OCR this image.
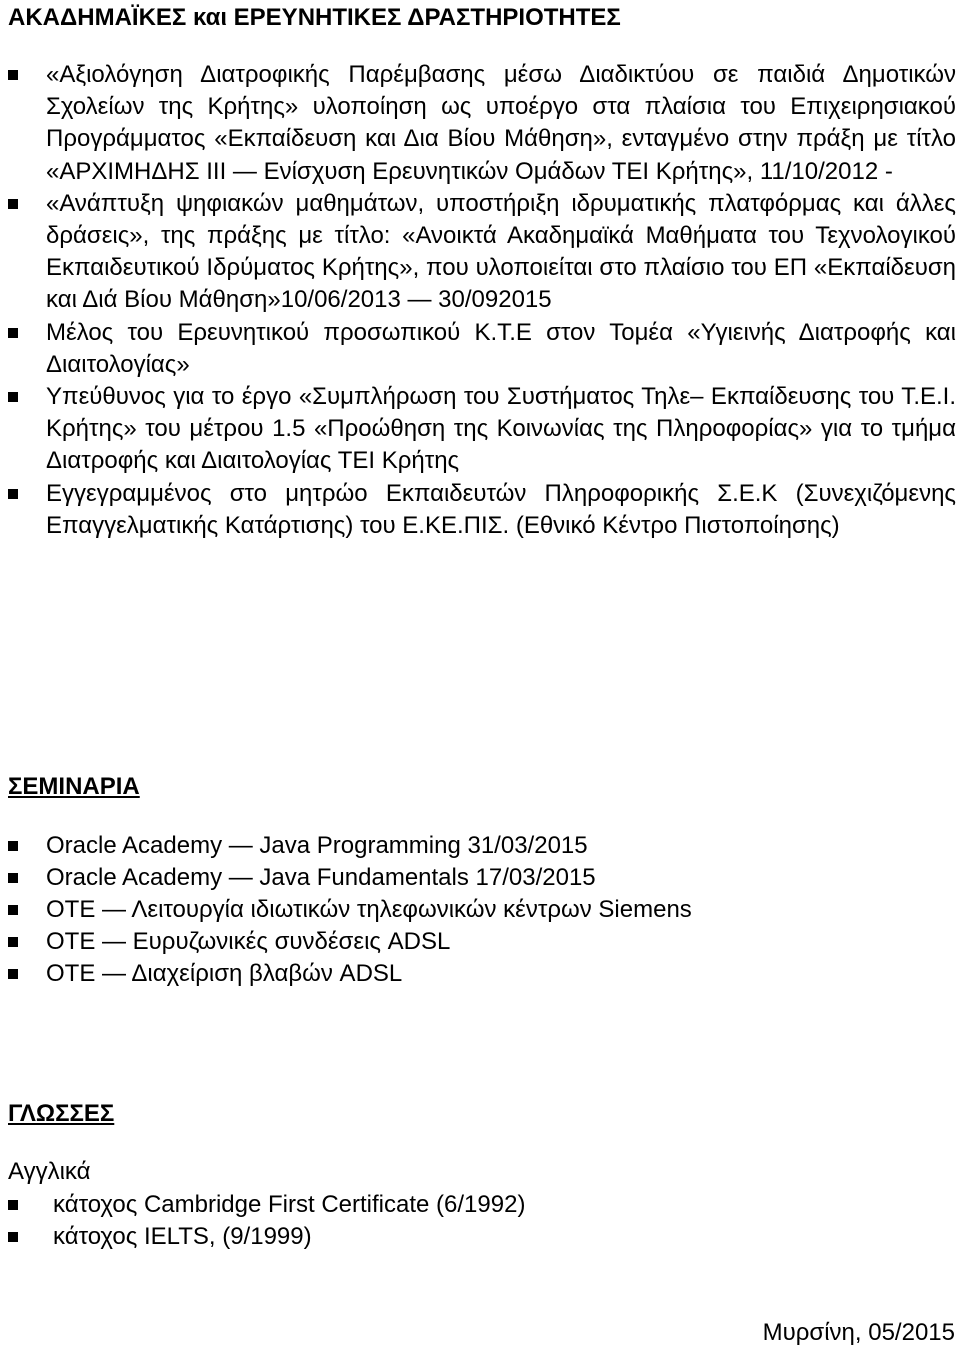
ΑΚΑΔΗΜΑΪΚΕΣ και ΕΡΕΥΝΗΤΙΚΕΣ ΔΡΑΣΤΗΡΙΟΤΗΤΕΣ
«Αξιολόγηση Διατροφικής Παρέμβασης μέσω Διαδικτύου σε παιδιά Δημοτικών Σχολείων της Κρήτης» υλοποίηση ως υποέργο στα πλαίσια του Επιχειρησιακού Προγράμματος «Εκπαίδευση και Δια Βίου Μάθηση», ενταγμένο στην πράξη με τίτλο «ΑΡΧΙΜΗΔΗΣ ΙΙΙ — Ενίσχυση Ερευνητικών Ομάδων ΤΕΙ Κρήτης», 11/10/2012 -
«Ανάπτυξη ψηφιακών μαθημάτων, υποστήριξη ιδρυματικής πλατφόρμας και άλλες δράσεις», της πράξης με τίτλο: «Ανοικτά Ακαδημαϊκά Μαθήματα του Τεχνολογικού Εκπαιδευτικού Ιδρύματος Κρήτης», που υλοποιείται στο πλαίσιο του ΕΠ «Εκπαίδευση και Διά Βίου Μάθηση»10/06/2013 — 30/092015
Μέλος του Ερευνητικού προσωπικού Κ.Τ.Ε στον Τομέα «Υγιεινής Διατροφής και Διαιτολογίας»
Υπεύθυνος για το έργο «Συμπλήρωση του Συστήματος Τηλε– Εκπαίδευσης του Τ.Ε.Ι. Κρήτης» του μέτρου 1.5 «Προώθηση της Κοινωνίας της Πληροφορίας» για το τμήμα Διατροφής και Διαιτολογίας ΤΕΙ Κρήτης
Εγγεγραμμένος στο μητρώο Εκπαιδευτών Πληροφορικής Σ.Ε.Κ (Συνεχιζόμενης Επαγγελματικής Κατάρτισης) του Ε.ΚΕ.ΠΙΣ. (Εθνικό Κέντρο Πιστοποίησης)
ΣΕΜΙΝΑΡΙΑ
Oracle Academy — Java Programming 31/03/2015
Oracle Academy — Java Fundamentals 17/03/2015
ΟΤΕ — Λειτουργία ιδιωτικών τηλεφωνικών κέντρων Siemens
ΟΤΕ — Ευρυζωνικές συνδέσεις ADSL
ΟΤΕ — Διαχείριση βλαβών ADSL
ΓΛΩΣΣΕΣ

Αγγλικά

κάτοχος Cambridge First Certificate (6/1992)
κάτοχος IELTS, (9/1999)

Μυρσίνη, 05/2015
